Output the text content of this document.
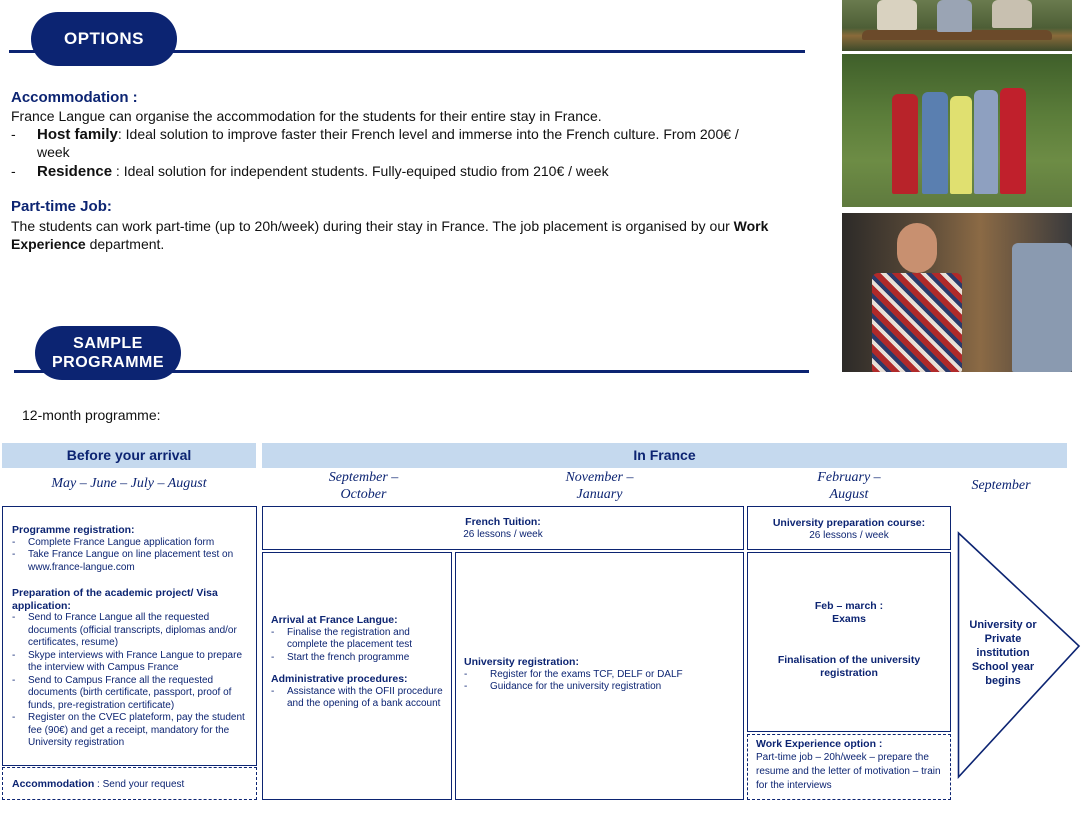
OPTIONS
Accommodation :
France Langue can organise the accommodation for the students for their entire stay in France.
- Host family: Ideal solution to improve faster their French level and immerse into the French culture. From 200€ /
week
- Residence : Ideal solution for independent students. Fully-equiped studio from 210€ / week
Part-time Job:
The students can work part-time (up to 20h/week) during their stay in France. The job placement is organised by our Work
Experience department.
SAMPLE
PROGRAMME
12-month programme:
Before your arrival	In France
May – June – July – August	September –
October
November –
January
February –
August
September
Programme registration:
- Complete France Langue application form
- Take France Langue on line placement test on www.france-langue.com
Preparation of the academic project/ Visa application:
- Send to France Langue all the requested documents (official transcripts, diplomas and/or certificates, resume)
- Skype interviews with France Langue to prepare the interview with Campus France
- Send to Campus France all the requested documents (birth certificate, passport, proof of funds, pre-registration certificate)
- Register on the CVEC plateform, pay the student fee (90€) and get a receipt, mandatory for the University registration
Accommodation : Send your request
French Tuition:
26 lessons / week
University preparation course:
26 lessons / week
Arrival at France Langue:
- Finalise the registration and complete the placement test
- Start the french programme
Administrative procedures:
- Assistance with the OFII procedure and the opening of a bank account
University registration:
- Register for the exams TCF, DELF or DALF
- Guidance for the university registration
Feb – march :
Exams
Finalisation of the university
registration
Work Experience option :
Part-time job – 20h/week – prepare the resume and the letter of motivation – train for the interviews
University or
Private
institution
School year
begins
